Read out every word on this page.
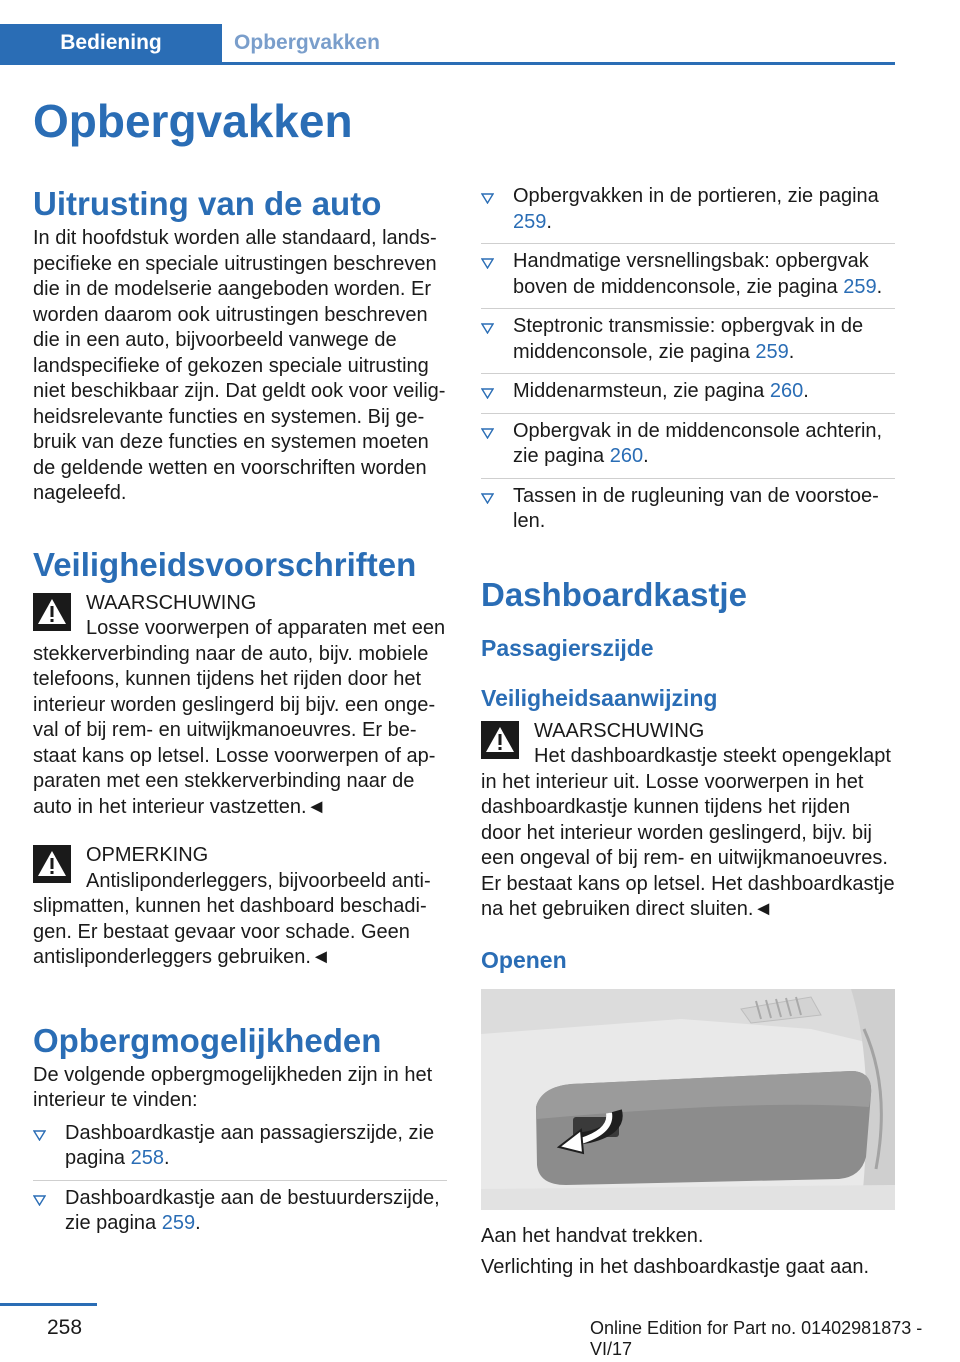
Bediening	Opbergvakken
Opbergvakken
Uitrusting van de auto

In dit hoofdstuk worden alle standaard, landspecifieke en speciale uitrustingen beschreven die in de modelserie aangeboden worden. Er worden daarom ook uitrustingen beschreven die in een auto, bijvoorbeeld vanwege de landspecifieke of gekozen speciale uitrusting niet beschikbaar zijn. Dat geldt ook voor veiligheidsrelevante functies en systemen. Bij gebruik van deze functies en systemen moeten de geldende wetten en voorschriften worden nageleefd.

Veiligheidsvoorschriften
WAARSCHUWING
Losse voorwerpen of apparaten met een
stekkerverbinding naar de auto, bijv. mobiele telefoons, kunnen tijdens het rijden door het interieur worden geslingerd bij bijv. een ongeval of bij rem- en uitwijkmanoeuvres. Er bestaat kans op letsel. Losse voorwerpen of apparaten met een stekkerverbinding naar de auto in het interieur vastzetten.◄
OPMERKING
Antisliponderleggers, bijvoorbeeld anti-
slipmatten, kunnen het dashboard beschadigen. Er bestaat gevaar voor schade. Geen antisliponderleggers gebruiken.◄
Opbergmogelijkheden

De volgende opbergmogelijkheden zijn in het interieur te vinden:

Dashboardkastje aan passagierszijde, zie pagina 258.
Dashboardkastje aan de bestuurderszijde, zie pagina 259.
Opbergvakken in de portieren, zie pagina 259.
Handmatige versnellingsbak: opbergvak boven de middenconsole, zie pagina 259.
Steptronic transmissie: opbergvak in de middenconsole, zie pagina 259.
Middenarmsteun, zie pagina 260.
Opbergvak in de middenconsole achterin, zie pagina 260.
Tassen in de rugleuning van de voorstoelen.
Dashboardkastje
Passagierszijde
Veiligheidsaanwijzing
WAARSCHUWING
Het dashboardkastje steekt opengeklapt
in het interieur uit. Losse voorwerpen in het dashboardkastje kunnen tijdens het rijden door het interieur worden geslingerd, bijv. bij een ongeval of bij rem- en uitwijkmanoeuvres. Er bestaat kans op letsel. Het dashboardkastje na het gebruiken direct sluiten.◄
Openen

Aan het handvat trekken.

Verlichting in het dashboardkastje gaat aan.

258	Online Edition for Part no. 01402981873 - VI/17
